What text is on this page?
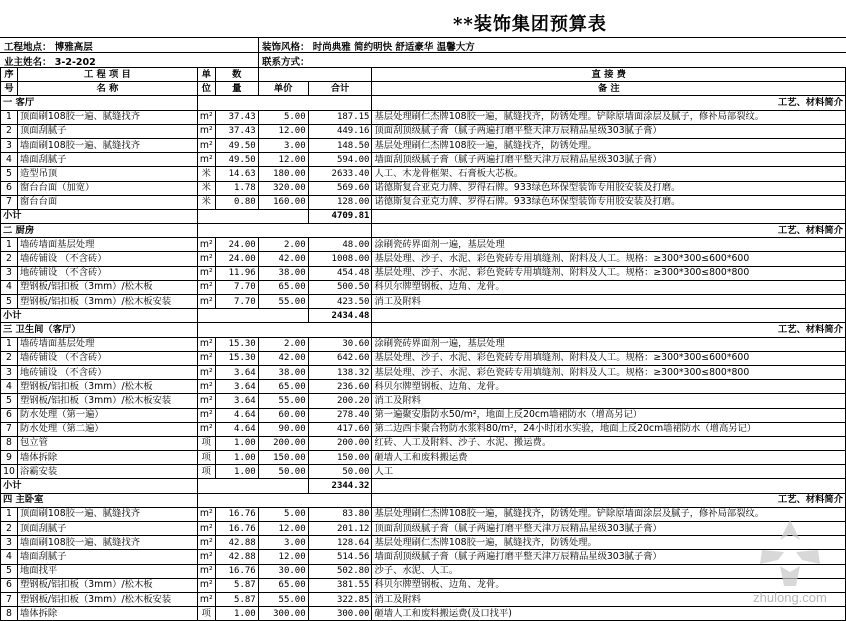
**装饰集团预算表
工程地点： 博雅高层	装饰风格： 时尚典雅 简约明快 舒适豪华 温馨大方
业主姓名： 3-2-202	联系方式：
序	工 程 项 目	单	数			直 接 费
号	名 称	位	量	单价	合计	备 注
一 客厅						工艺、材料简介
1	顶面刷108胶一遍、腻缝找齐	m²	37.43	5.00	187.15	基层处理刷仁杰牌108胶一遍，腻缝找齐，防锈处理。铲除原墙面涂层及腻子，修补局部裂纹。
2	顶面刮腻子	m²	37.43	12.00	449.16	顶面刮顶级腻子膏（腻子两遍打磨平整天津万辰精品星级303腻子膏）
3	墙面刷108胶一遍、腻缝找齐	m²	49.50	3.00	148.50	基层处理刷仁杰牌108胶一遍，腻缝找齐，防锈处理。
4	墙面刮腻子	m²	49.50	12.00	594.00	墙面刮顶级腻子膏（腻子两遍打磨平整天津万辰精品星级303腻子膏）
5	造型吊顶	米	14.63	180.00	2633.40	人工、木龙骨框架、石膏板大芯板。
6	窗台台面（加宽）	米	1.78	320.00	569.60	诺德斯复合亚克力牌、罗得石牌。933绿色环保型装饰专用胶安装及打磨。
7	窗台台面	米	0.80	160.00	128.00	诺德斯复合亚克力牌、罗得石牌。933绿色环保型装饰专用胶安装及打磨。
小计					4709.81	
二 厨房						工艺、材料简介
1	墙砖墙面基层处理	m²	24.00	2.00	48.00	涂刷瓷砖界面剂一遍，基层处理
2	墙砖铺设 （不含砖）	m²	24.00	42.00	1008.00	基层处理、沙子、水泥、彩色瓷砖专用填缝剂、附料及人工。规格：≥300*300≤600*600
3	地砖铺设 （不含砖）	m²	11.96	38.00	454.48	基层处理、沙子、水泥、彩色瓷砖专用填缝剂、附料及人工。规格：≥300*300≤800*800
4	塑钢板/铝扣板（3mm）/松木板	m²	7.70	65.00	500.50	科贝尔牌塑钢板、边角、龙骨。
5	塑钢板/铝扣板（3mm）/松木板安装	m²	7.70	55.00	423.50	消工及附料
小计					2434.48	
三 卫生间（客厅）						工艺、材料简介
1	墙砖墙面基层处理	m²	15.30	2.00	30.60	涂刷瓷砖界面剂一遍，基层处理
2	墙砖铺设 （不含砖）	m²	15.30	42.00	642.60	基层处理、沙子、水泥、彩色瓷砖专用填缝剂、附料及人工。规格：≥300*300≤600*600
3	地砖铺设 （不含砖）	m²	3.64	38.00	138.32	基层处理、沙子、水泥、彩色瓷砖专用填缝剂、附料及人工。规格：≥300*300≤800*800
4	塑钢板/铝扣板（3mm）/松木板	m²	3.64	65.00	236.60	科贝尔牌塑钢板、边角、龙骨。
5	塑钢板/铝扣板（3mm）/松木板安装	m²	3.64	55.00	200.20	消工及附料
6	防水处理（第一遍）	m²	4.64	60.00	278.40	第一遍聚安脂防水50/m²，地面上反20cm墙裙防水（增高另记）
7	防水处理（第二遍）	m²	4.64	90.00	417.60	第二边西卡聚合物防水浆料80/m²，24小时闭水实验，地面上反20cm墙裙防水（增高另记）
8	包立管	项	1.00	200.00	200.00	红砖、人工及附料、沙子、水泥、搬运费。
9	墙体拆除	项	1.00	150.00	150.00	砸墙人工和废料搬运费
10	浴霸安装	项	1.00	50.00	50.00	人工
小计					2344.32	
四 主卧室						工艺、材料简介
1	顶面刷108胶一遍、腻缝找齐	m²	16.76	5.00	83.80	基层处理刷仁杰牌108胶一遍，腻缝找齐，防锈处理。铲除原墙面涂层及腻子，修补局部裂纹。
2	顶面刮腻子	m²	16.76	12.00	201.12	顶面刮顶级腻子膏（腻子两遍打磨平整天津万辰精品星级303腻子膏）
3	墙面刷108胶一遍、腻缝找齐	m²	42.88	3.00	128.64	基层处理刷仁杰牌108胶一遍，腻缝找齐，防锈处理。
4	墙面刮腻子	m²	42.88	12.00	514.56	墙面刮顶级腻子膏（腻子两遍打磨平整天津万辰精品星级303腻子膏）
5	地面找平	m²	16.76	30.00	502.80	沙子、水泥、人工。
6	塑钢板/铝扣板（3mm）/松木板	m²	5.87	65.00	381.55	科贝尔牌塑钢板、边角、龙骨。
7	塑钢板/铝扣板（3mm）/松木板安装	m²	5.87	55.00	322.85	消工及附料
8	墙体拆除	项	1.00	300.00	300.00	砸墙人工和废料搬运费(及口找平)
zhulong.com
